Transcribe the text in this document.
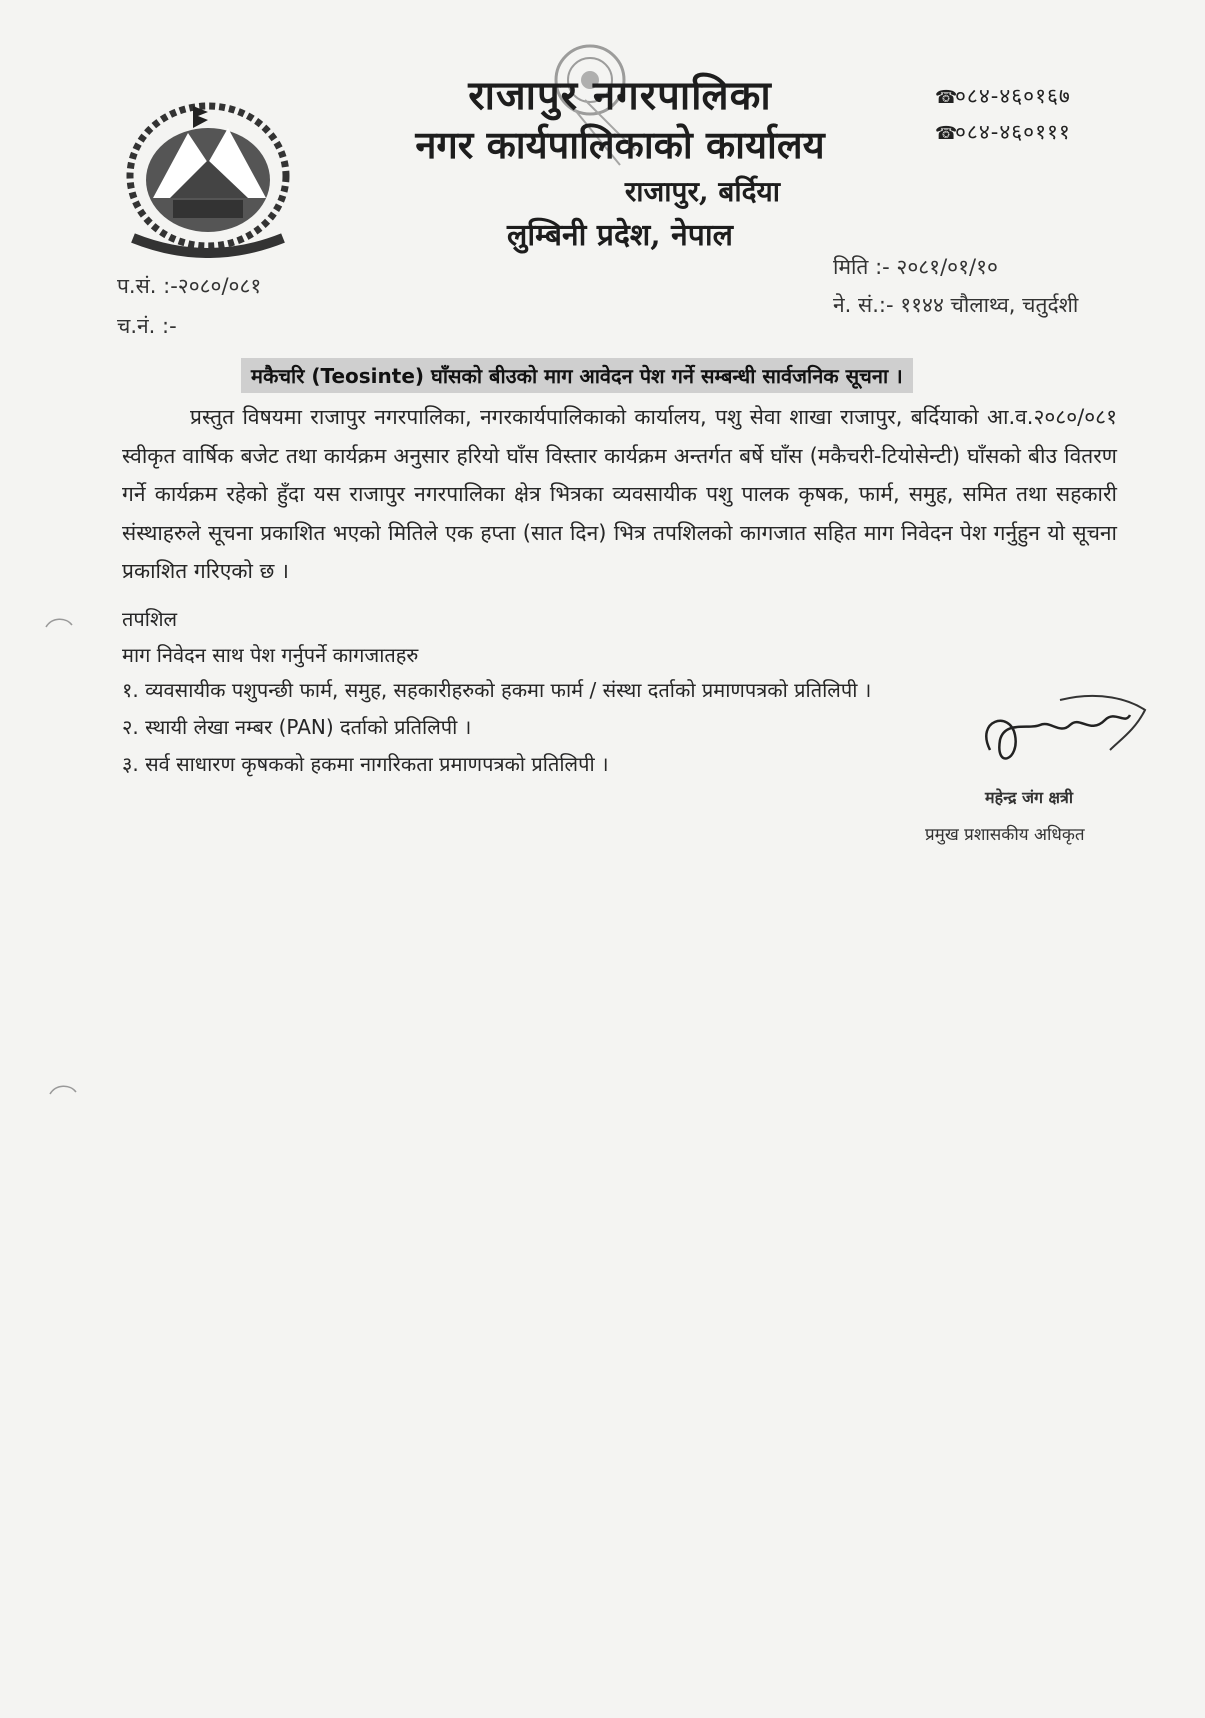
राजापुर नगरपालिका
नगर कार्यपालिकाको कार्यालय
राजापुर, बर्दिया
लुम्बिनी प्रदेश, नेपाल
☎०८४-४६०१६७
☎०८४-४६०१११
प.सं. :-२०८०/०८१
च.नं. :-
मिति :- २०८१/०१/१०
ने. सं.:- ११४४ चौलाथ्व, चतुर्दशी
मकैचरि (Teosinte) घाँसको बीउको माग आवेदन पेश गर्ने सम्बन्धी सार्वजनिक सूचना ।
प्रस्तुत विषयमा राजापुर नगरपालिका, नगरकार्यपालिकाको कार्यालय, पशु सेवा शाखा राजापुर, बर्दियाको आ.व.२०८०/०८१ स्वीकृत वार्षिक बजेट तथा कार्यक्रम अनुसार हरियो घाँस विस्तार कार्यक्रम अन्तर्गत बर्षे घाँस (मकैचरी-टियोसेन्टी) घाँसको बीउ वितरण गर्ने कार्यक्रम रहेको हुँदा यस राजापुर नगरपालिका क्षेत्र भित्रका व्यवसायीक पशु पालक कृषक, फार्म, समुह, समित तथा सहकारी संस्थाहरुले सूचना प्रकाशित भएको मितिले एक हप्ता (सात दिन) भित्र तपशिलको कागजात सहित माग निवेदन पेश गर्नुहुन यो सूचना प्रकाशित गरिएको छ ।
तपशिल
माग निवेदन साथ पेश गर्नुपर्ने कागजातहरु
१. व्यवसायीक पशुपन्छी फार्म, समुह, सहकारीहरुको हकमा फार्म / संस्था दर्ताको प्रमाणपत्रको प्रतिलिपी ।
२. स्थायी लेखा नम्बर (PAN) दर्ताको प्रतिलिपी ।
३. सर्व साधारण कृषकको हकमा नागरिकता प्रमाणपत्रको प्रतिलिपी ।
महेन्द्र जंग क्षत्री
प्रमुख प्रशासकीय अधिकृत
